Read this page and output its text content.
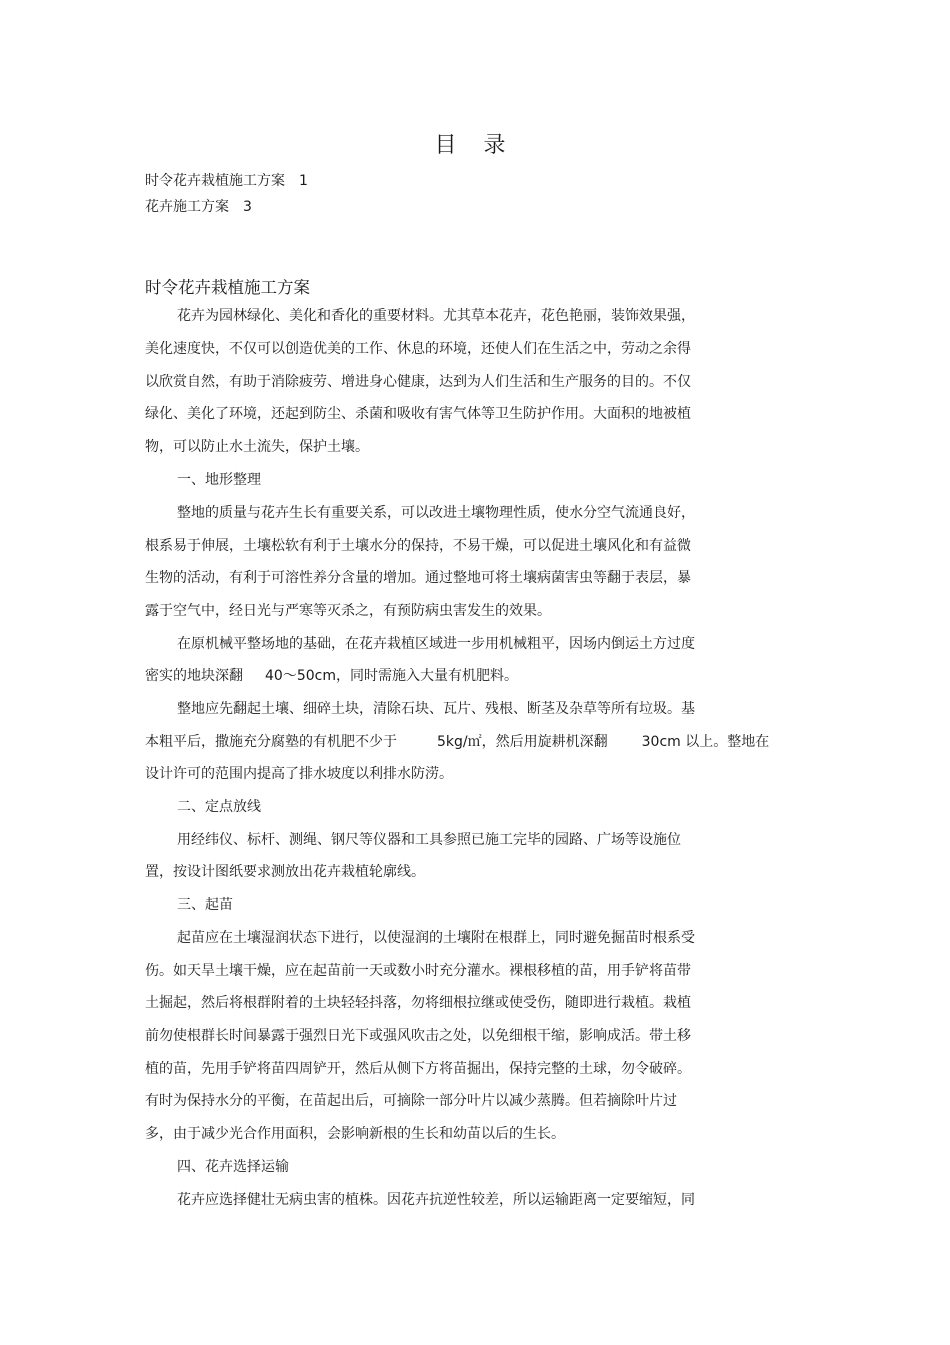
目 录
时令花卉栽植施工方案 1
花卉施工方案 3
时令花卉栽植施工方案
花卉为园林绿化、美化和香化的重要材料。尤其草本花卉，花色艳丽，装饰效果强，
美化速度快，不仅可以创造优美的工作、休息的环境，还使人们在生活之中，劳动之余得
以欣赏自然，有助于消除疲劳、增进身心健康，达到为人们生活和生产服务的目的。不仅
绿化、美化了环境，还起到防尘、杀菌和吸收有害气体等卫生防护作用。大面积的地被植
物，可以防止水土流失，保护土壤。
一、地形整理
整地的质量与花卉生长有重要关系，可以改进土壤物理性质，使水分空气流通良好，
根系易于伸展，土壤松软有利于土壤水分的保持，不易干燥，可以促进土壤风化和有益微
生物的活动，有利于可溶性养分含量的增加。通过整地可将土壤病菌害虫等翻于表层，暴
露于空气中，经日光与严寒等灭杀之，有预防病虫害发生的效果。
在原机械平整场地的基础，在花卉栽植区域进一步用机械粗平，因场内倒运土方过度
密实的地块深翻 40～50cm，同时需施入大量有机肥料。
整地应先翻起土壤、细碎土块，清除石块、瓦片、残根、断茎及杂草等所有垃圾。基
本粗平后，撒施充分腐塾的有机肥不少于	5kg/㎡，然后用旋耕机深翻 30cm 以上。整地在
设计许可的范围内提高了排水坡度以利排水防涝。
二、定点放线
用经纬仪、标杆、测绳、钢尺等仪器和工具参照已施工完毕的园路、广场等设施位
置，按设计图纸要求测放出花卉栽植轮廓线。
三、起苗
起苗应在土壤湿润状态下进行，以使湿润的土壤附在根群上，同时避免掘苗时根系受
伤。如天旱土壤干燥，应在起苗前一天或数小时充分灌水。裸根移植的苗，用手铲将苗带
土掘起，然后将根群附着的土块轻轻抖落，勿将细根拉继或使受伤，随即进行栽植。栽植
前勿使根群长时间暴露于强烈日光下或强风吹击之处，以免细根干缩，影响成活。带土移
植的苗，先用手铲将苗四周铲开，然后从侧下方将苗掘出，保持完整的土球，勿令破碎。
有时为保持水分的平衡，在苗起出后，可摘除一部分叶片以减少蒸腾。但若摘除叶片过
多，由于减少光合作用面积，会影响新根的生长和幼苗以后的生长。
四、花卉选择运输
花卉应选择健壮无病虫害的植株。因花卉抗逆性较差，所以运输距离一定要缩短，同
